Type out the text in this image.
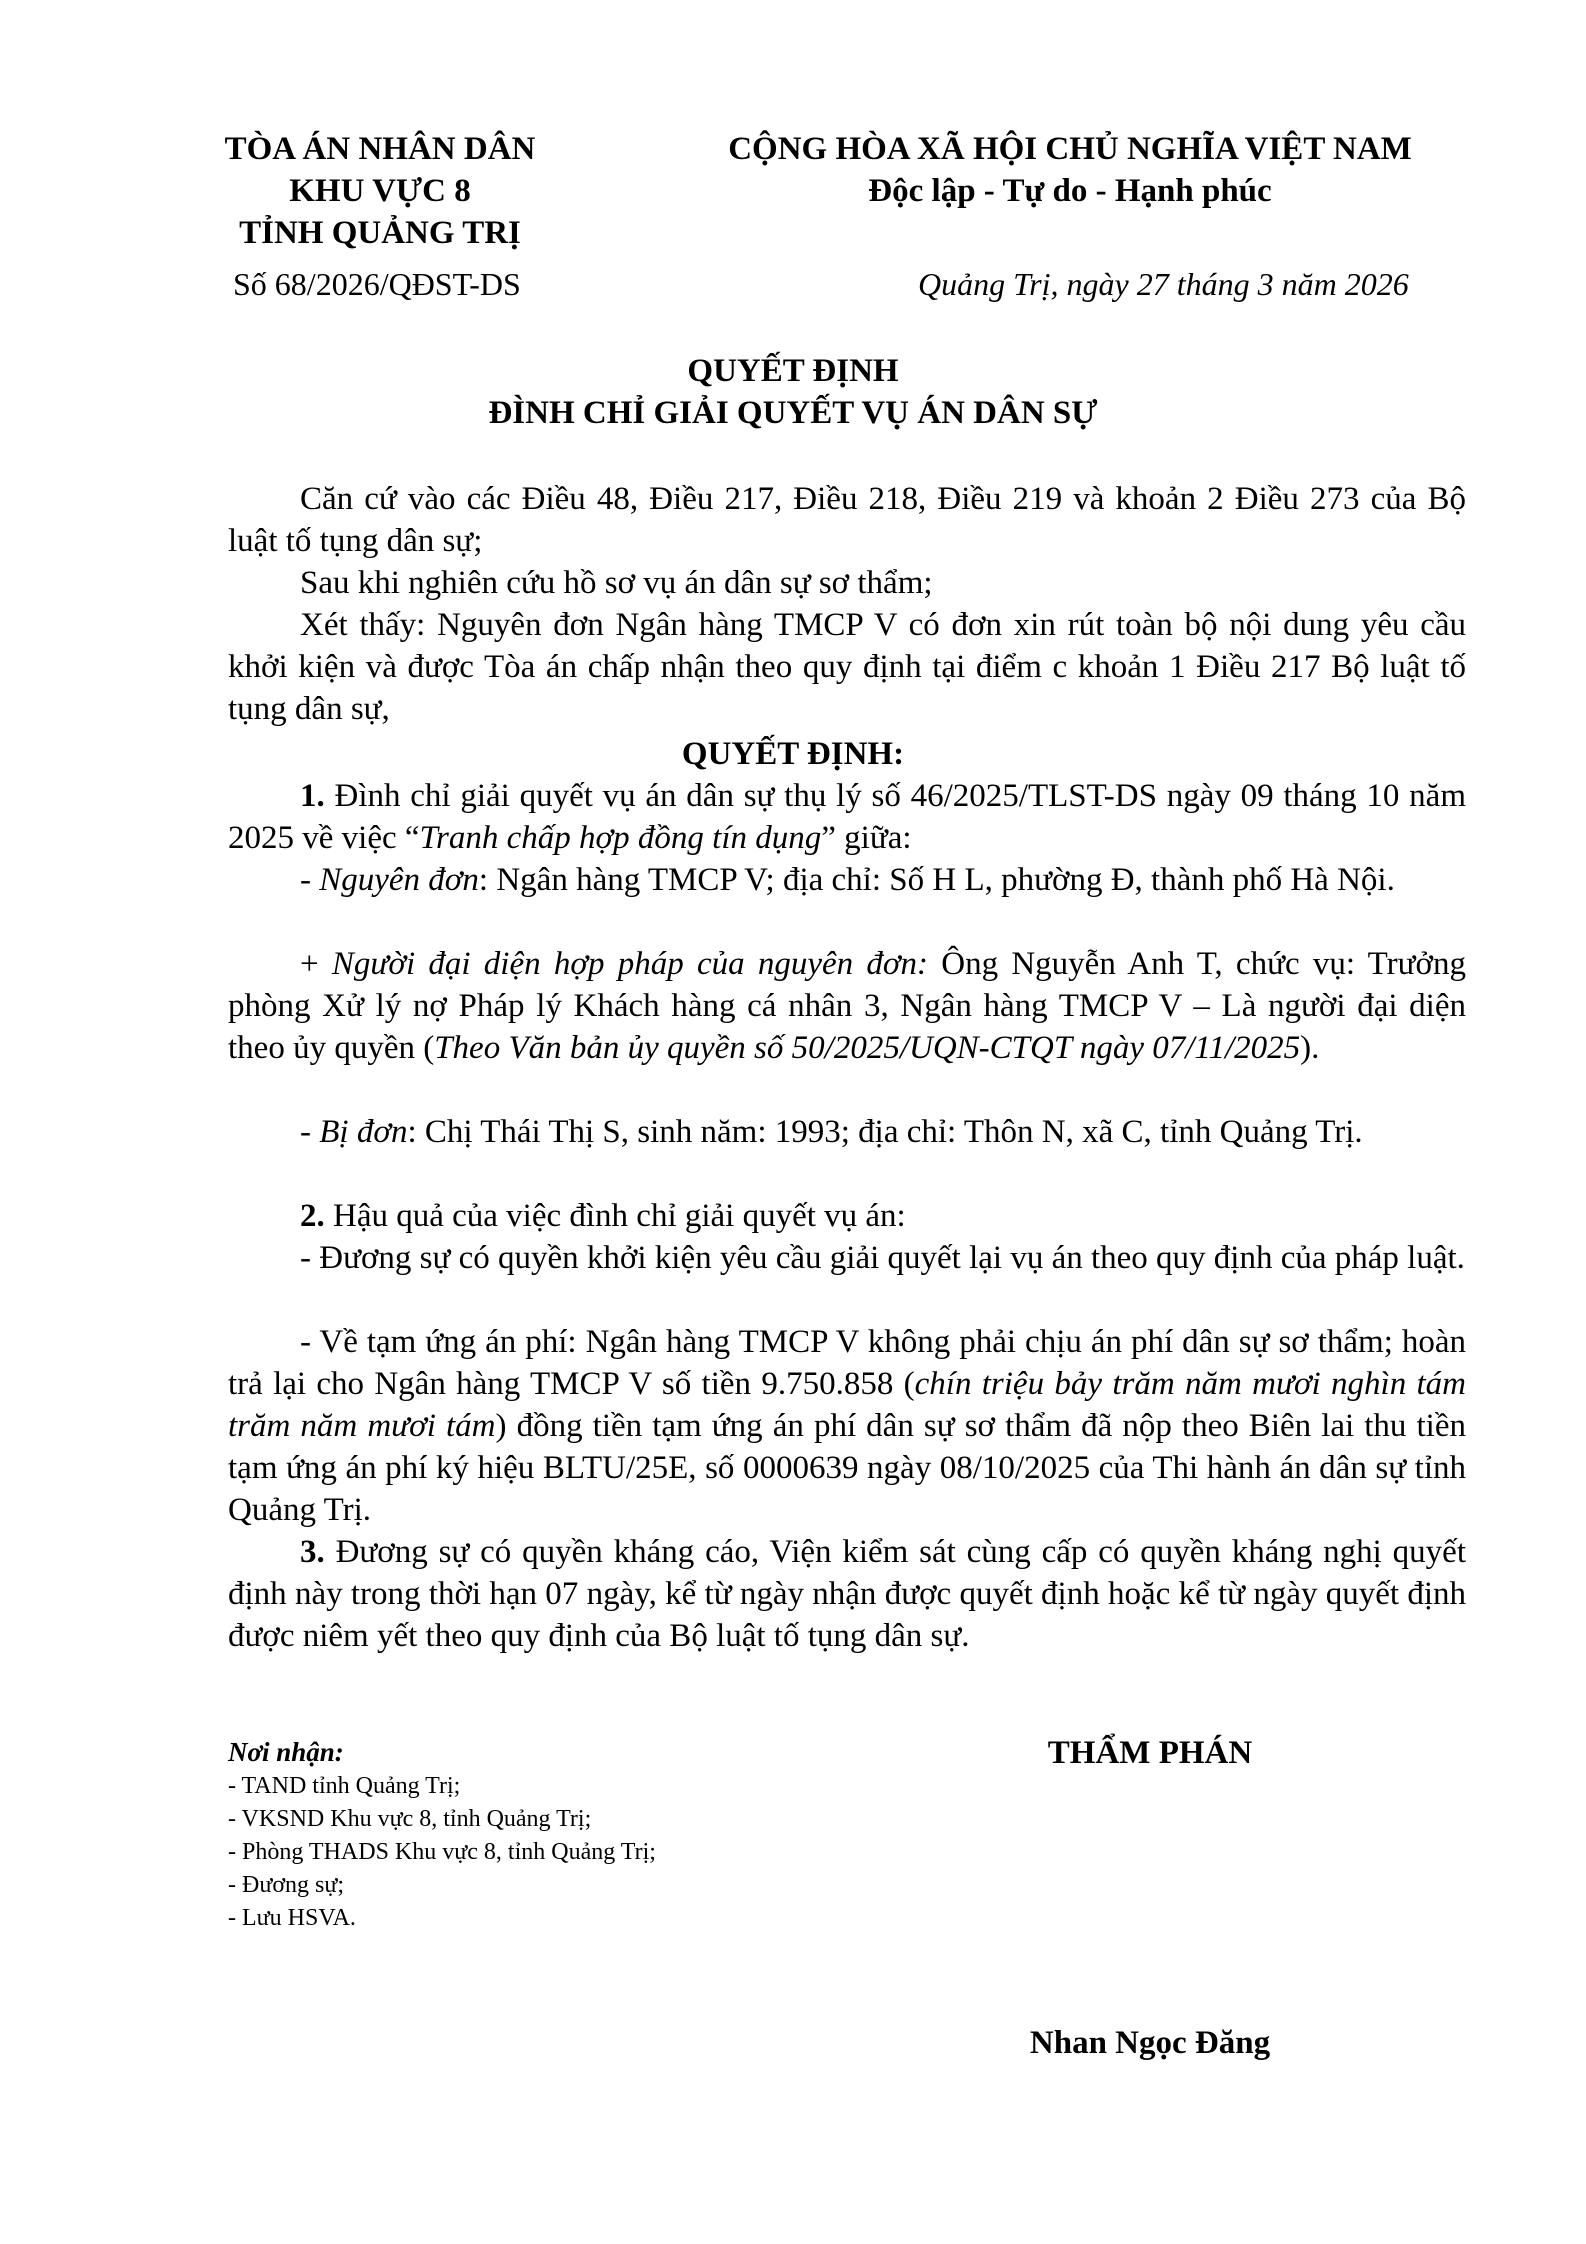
TÒA ÁN NHÂN DÂN
KHU VỰC 8
TỈNH QUẢNG TRỊ
Số 68/2026/QĐST-DS
CỘNG HÒA XÃ HỘI CHỦ NGHĨA VIỆT NAM
Độc lập - Tự do - Hạnh phúc
Quảng Trị, ngày 27 tháng 3 năm 2026
QUYẾT ĐỊNH
ĐÌNH CHỈ GIẢI QUYẾT VỤ ÁN DÂN SỰ
Căn cứ vào các Điều 48, Điều 217, Điều 218, Điều 219 và khoản 2 Điều 273 của Bộ luật tố tụng dân sự;
Sau khi nghiên cứu hồ sơ vụ án dân sự sơ thẩm;
Xét thấy: Nguyên đơn Ngân hàng TMCP V có đơn xin rút toàn bộ nội dung yêu cầu khởi kiện và được Tòa án chấp nhận theo quy định tại điểm c khoản 1 Điều 217 Bộ luật tố tụng dân sự,
QUYẾT ĐỊNH:
1. Đình chỉ giải quyết vụ án dân sự thụ lý số 46/2025/TLST-DS ngày 09 tháng 10 năm 2025 về việc “Tranh chấp hợp đồng tín dụng” giữa:
- Nguyên đơn: Ngân hàng TMCP V; địa chỉ: Số H L, phường Đ, thành phố Hà Nội.
+ Người đại diện hợp pháp của nguyên đơn: Ông Nguyễn Anh T, chức vụ: Trưởng phòng Xử lý nợ Pháp lý Khách hàng cá nhân 3, Ngân hàng TMCP V – Là người đại diện theo ủy quyền (Theo Văn bản ủy quyền số 50/2025/UQN-CTQT ngày 07/11/2025).
- Bị đơn: Chị Thái Thị S, sinh năm: 1993; địa chỉ: Thôn N, xã C, tỉnh Quảng Trị.
2. Hậu quả của việc đình chỉ giải quyết vụ án:
- Đương sự có quyền khởi kiện yêu cầu giải quyết lại vụ án theo quy định của pháp luật.
- Về tạm ứng án phí: Ngân hàng TMCP V không phải chịu án phí dân sự sơ thẩm; hoàn trả lại cho Ngân hàng TMCP V số tiền 9.750.858 (chín triệu bảy trăm năm mươi nghìn tám trăm năm mươi tám) đồng tiền tạm ứng án phí dân sự sơ thẩm đã nộp theo Biên lai thu tiền tạm ứng án phí ký hiệu BLTU/25E, số 0000639 ngày 08/10/2025 của Thi hành án dân sự tỉnh Quảng Trị.
3. Đương sự có quyền kháng cáo, Viện kiểm sát cùng cấp có quyền kháng nghị quyết định này trong thời hạn 07 ngày, kể từ ngày nhận được quyết định hoặc kể từ ngày quyết định được niêm yết theo quy định của Bộ luật tố tụng dân sự.
Nơi nhận:
- TAND tỉnh Quảng Trị;
- VKSND Khu vực 8, tỉnh Quảng Trị;
- Phòng THADS Khu vực 8, tỉnh Quảng Trị;
- Đương sự;
- Lưu HSVA.
THẨM PHÁN
Nhan Ngọc Đăng
